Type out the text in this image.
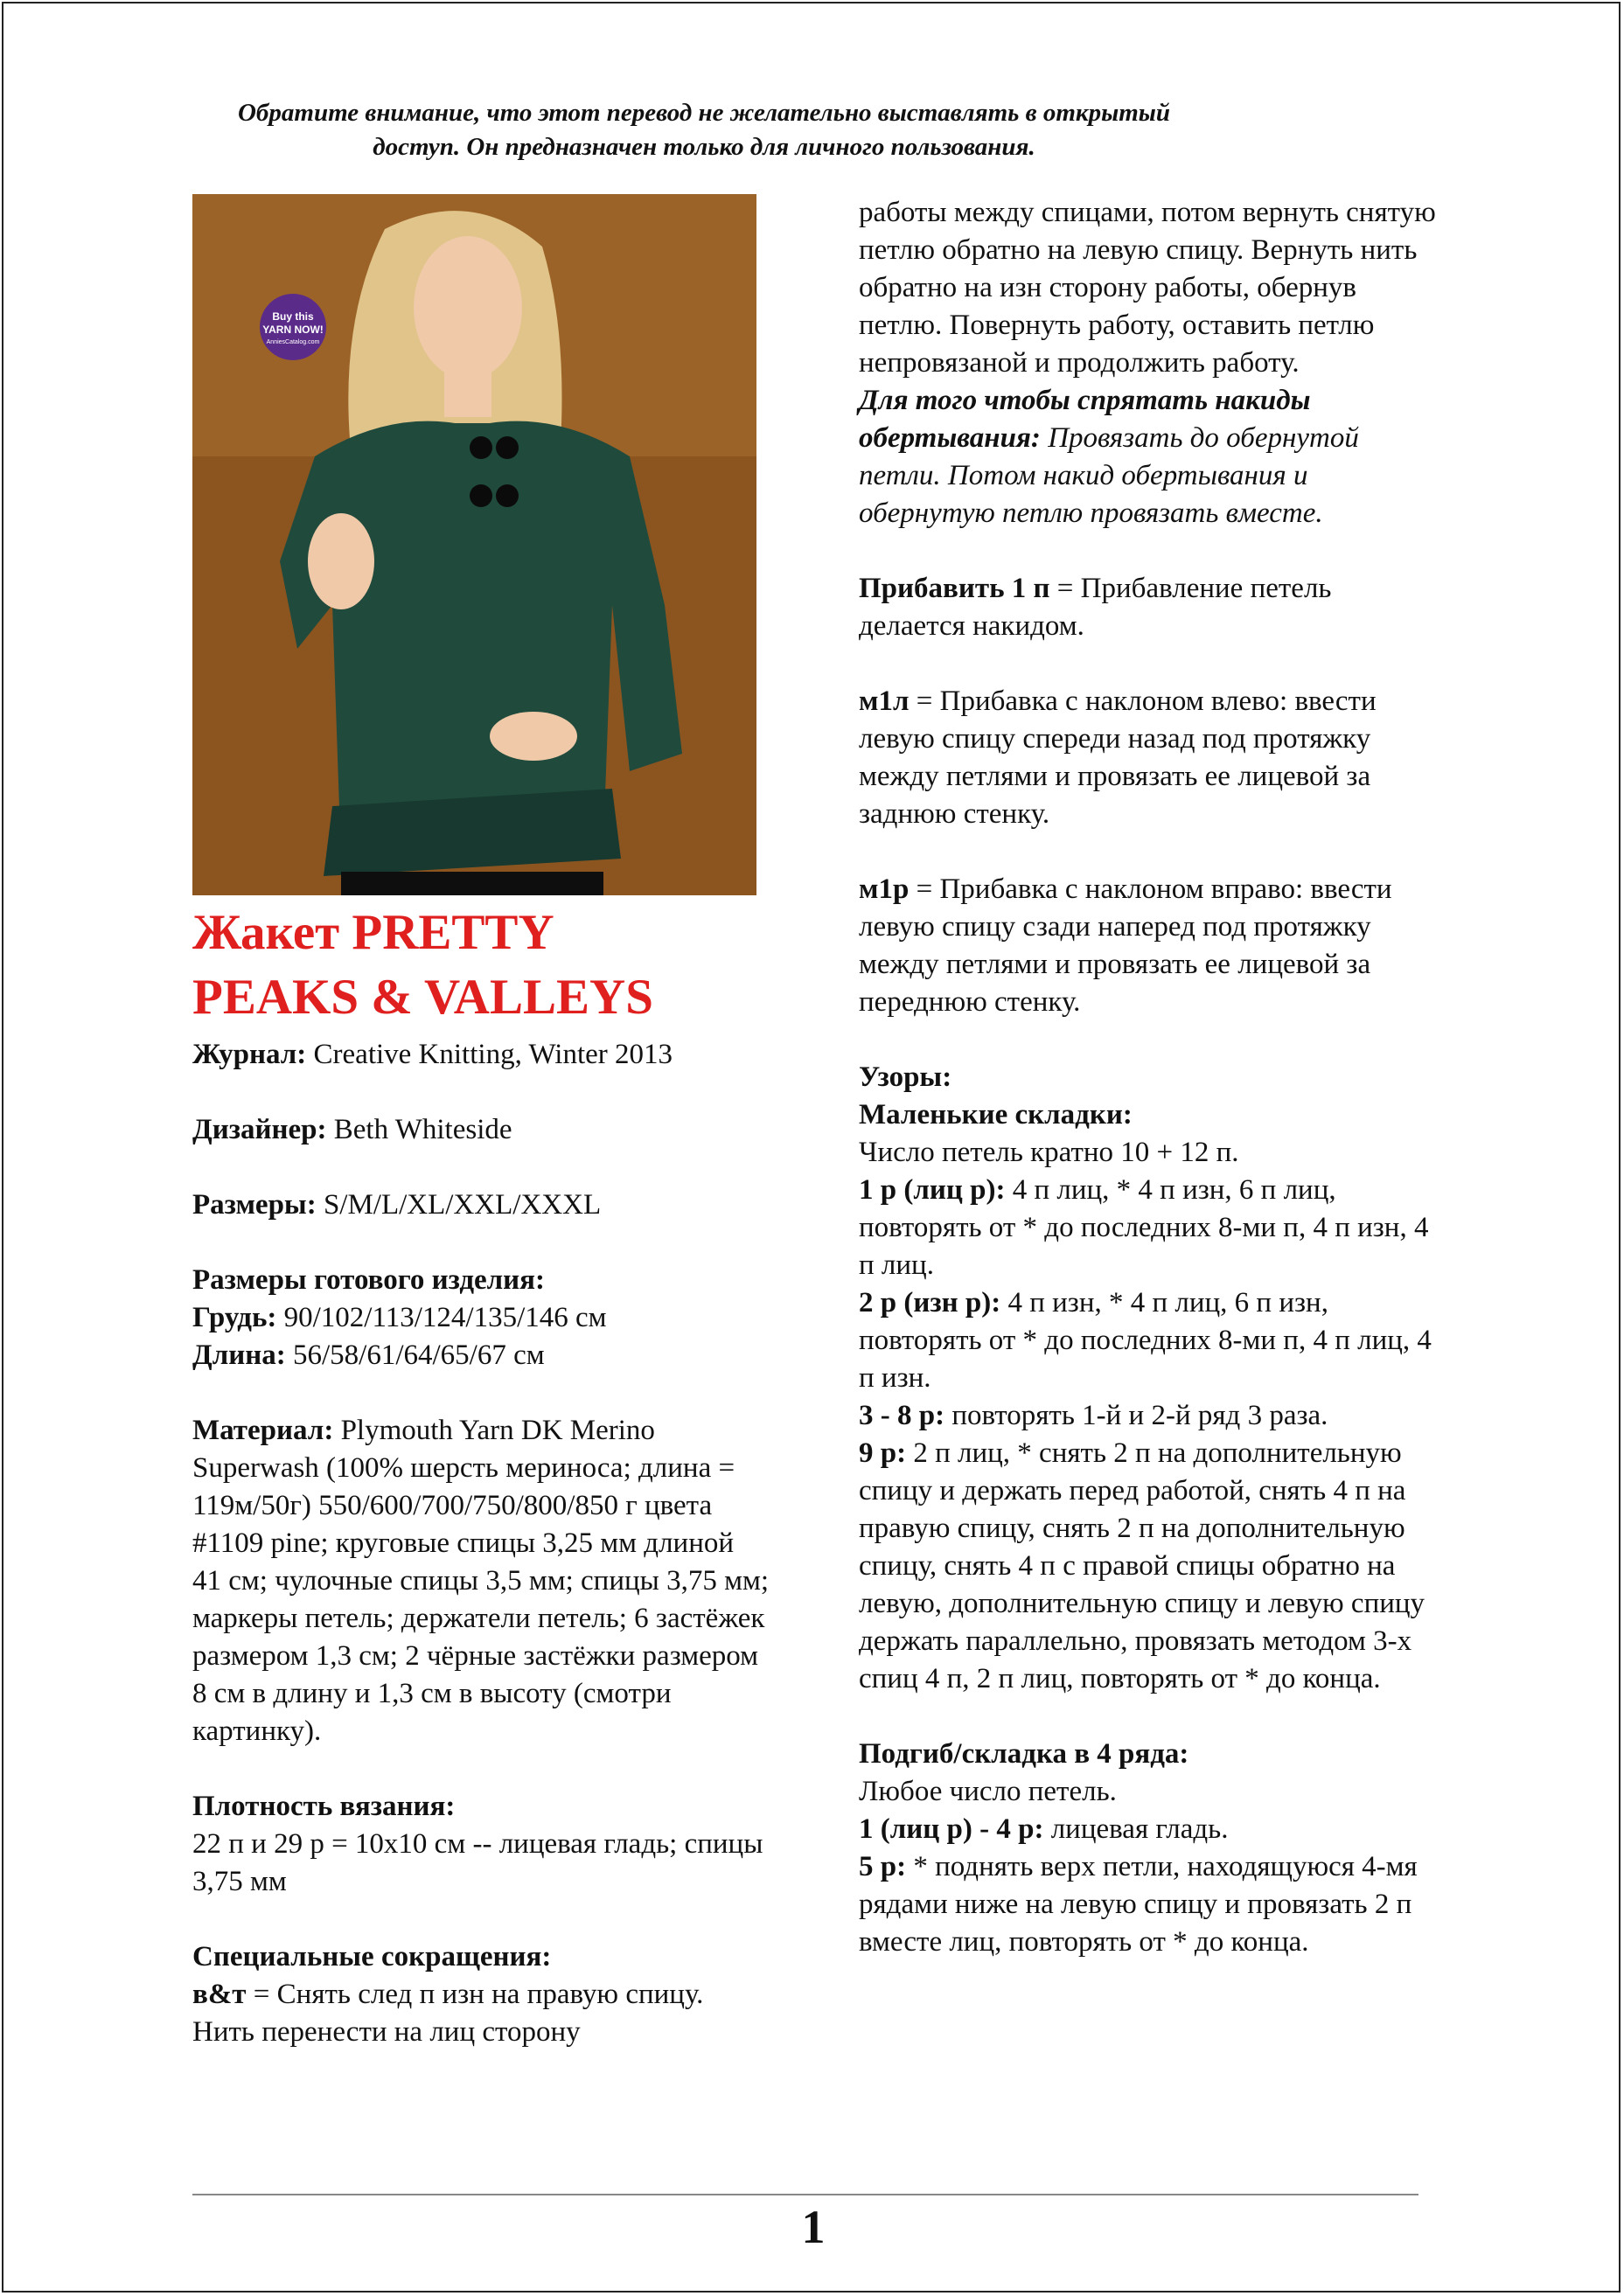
Обратите внимание, что этот перевод не желательно выставлять в открытый доступ. Он предназначен только для личного пользования.
Buy this
YARN NOW!
AnniesCatalog.com
Жакет PRETTY
PEAKS & VALLEYS

Журнал: Creative Knitting, Winter 2013

Дизайнер: Beth Whiteside

Размеры: S/M/L/XL/XXL/XXXL

Размеры готового изделия:

Грудь: 90/102/113/124/135/146 см

Длина: 56/58/61/64/65/67 см

Материал: Plymouth Yarn DK Merino Superwash (100% шерсть мериноса; длина = 119м/50г) 550/600/700/750/800/850 г цвета #1109 pine; круговые спицы 3,25 мм длиной 41 см; чулочные спицы 3,5 мм; спицы 3,75 мм; маркеры петель; держатели петель; 6 застёжек размером 1,3 см; 2 чёрные застёжки размером 8 см в длину и 1,3 см в высоту (смотри картинку).

Плотность вязания:

22 п и 29 р = 10х10 см -- лицевая гладь; спицы 3,75 мм

Специальные сокращения:

в&т = Снять след п изн на правую спицу. Нить перенести на лиц сторону

работы между спицами, потом вернуть снятую петлю обратно на левую спицу. Вернуть нить обратно на изн сторону работы, обернув петлю. Повернуть работу, оставить петлю непровязаной и продолжить работу.

Для того чтобы спрятать накиды обертывания: Провязать до обернутой петли. Потом накид обертывания и обернутую петлю провязать вместе.

Прибавить 1 п = Прибавление петель делается накидом.

м1л = Прибавка с наклоном влево: ввести левую спицу спереди назад под протяжку между петлями и провязать ее лицевой за заднюю стенку.

м1р = Прибавка с наклоном вправо: ввести левую спицу сзади наперед под протяжку между петлями и провязать ее лицевой за переднюю стенку.

Узоры:

Маленькие складки:

Число петель кратно 10 + 12 п.

1 р (лиц р): 4 п лиц, * 4 п изн, 6 п лиц, повторять от * до последних 8-ми п, 4 п изн, 4 п лиц.

2 р (изн р): 4 п изн, * 4 п лиц, 6 п изн, повторять от * до последних 8-ми п, 4 п лиц, 4 п изн.

3 - 8 р: повторять 1-й и 2-й ряд 3 раза.

9 р: 2 п лиц, * снять 2 п на дополнительную спицу и держать перед работой, снять 4 п на правую спицу, снять 2 п на дополнительную спицу, снять 4 п с правой спицы обратно на левую, дополнительную спицу и левую спицу держать параллельно, провязать методом 3-х спиц 4 п, 2 п лиц, повторять от * до конца.

Подгиб/складка в 4 ряда:

Любое число петель.

1 (лиц р) - 4 р: лицевая гладь.

5 р: * поднять верх петли, находящуюся 4-мя рядами ниже на левую спицу и провязать 2 п вместе лиц, повторять от * до конца.

1
